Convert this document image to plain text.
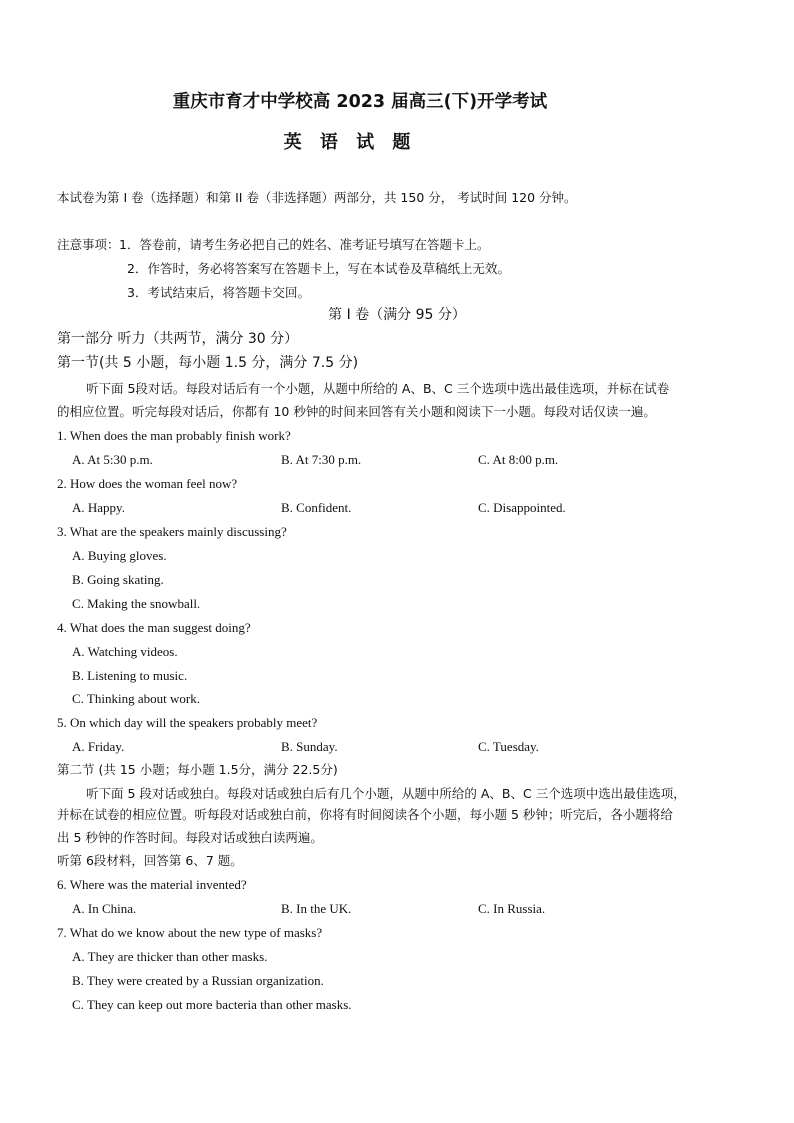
重庆市育才中学校高 2023 届高三(下)开学考试
英 语 试 题
本试卷为第 I 卷（选择题）和第 II 卷（非选择题）两部分，共 150 分， 考试时间 120 分钟。
注意事项： 1．答卷前，请考生务必把自己的姓名、准考证号填写在答题卡上。
2．作答时，务必将答案写在答题卡上，写在本试卷及草稿纸上无效。
3．考试结束后，将答题卡交回。
第 I 卷（满分 95 分）
第一部分 听力（共两节，满分 30 分）
第一节(共 5 小题，每小题 1.5 分，满分 7.5 分)
听下面 5段对话。每段对话后有一个小题，从题中所给的 A、B、C 三个选项中选出最佳选项，并标在试卷
的相应位置。听完每段对话后，你都有 10 秒钟的时间来回答有关小题和阅读下一小题。每段对话仅读一遍。
1. When does the man probably finish work?
A. At 5:30 p.m.	B. At 7:30 p.m.	C. At 8:00 p.m.
2. How does the woman feel now?
A. Happy.	B. Confident.	C. Disappointed.
3. What are the speakers mainly discussing?
A. Buying gloves.
B. Going skating.
C. Making the snowball.
4. What does the man suggest doing?
A. Watching videos.
B. Listening to music.
C. Thinking about work.
5. On which day will the speakers probably meet?
A. Friday.	B. Sunday.	C. Tuesday.
第二节 (共 15 小题；每小题 1.5分，满分 22.5分)
听下面 5 段对话或独白。每段对话或独白后有几个小题，从题中所给的 A、B、C 三个选项中选出最佳选项，
并标在试卷的相应位置。听每段对话或独白前，你将有时间阅读各个小题，每小题 5 秒钟；听完后，各小题将给
出 5 秒钟的作答时间。每段对话或独白读两遍。
听第 6段材料，回答第 6、7 题。
6. Where was the material invented?
A. In China.	B. In the UK.	C. In Russia.
7. What do we know about the new type of masks?
A. They are thicker than other masks.
B. They were created by a Russian organization.
C. They can keep out more bacteria than other masks.
